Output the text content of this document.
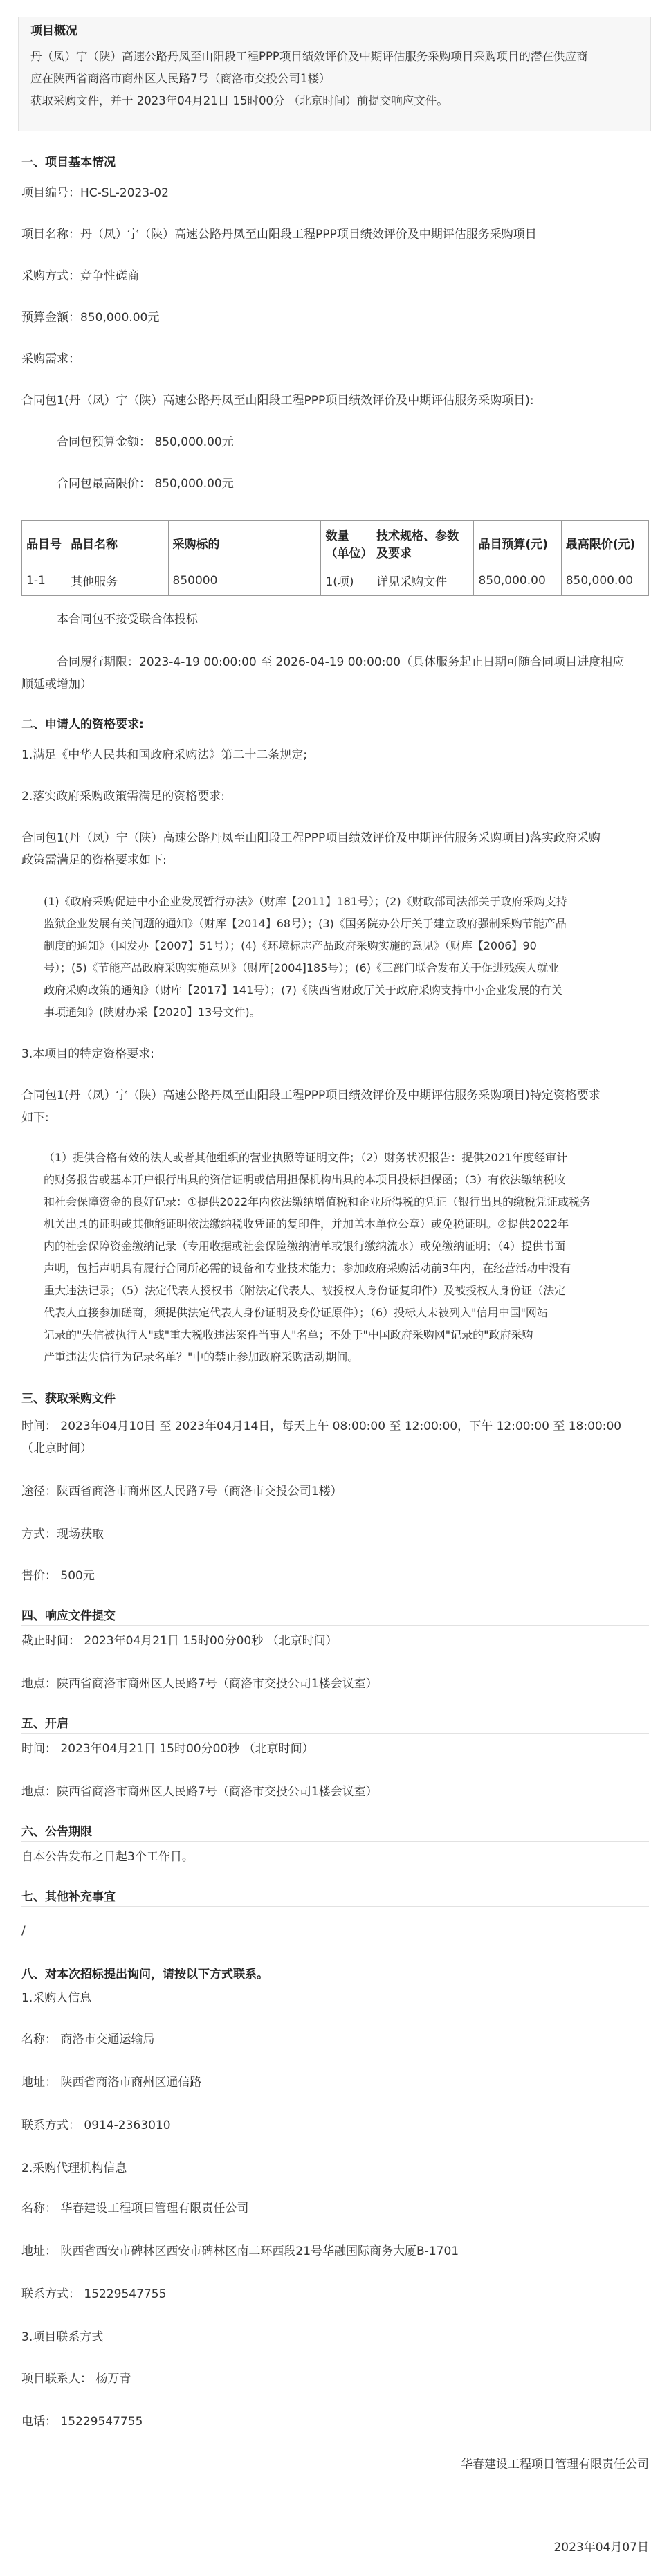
项目概况
丹（凤）宁（陕）高速公路丹凤至山阳段工程PPP项目绩效评价及中期评估服务采购项目采购项目的潜在供应商
应在陕西省商洛市商州区人民路7号（商洛市交投公司1楼）
获取采购文件，并于 2023年04月21日 15时00分 （北京时间）前提交响应文件。
一、项目基本情况
项目编号：HC-SL-2023-02
项目名称：丹（凤）宁（陕）高速公路丹凤至山阳段工程PPP项目绩效评价及中期评估服务采购项目
采购方式：竞争性磋商
预算金额：850,000.00元
采购需求：
合同包1(丹（凤）宁（陕）高速公路丹凤至山阳段工程PPP项目绩效评价及中期评估服务采购项目):
合同包预算金额： 850,000.00元
合同包最高限价： 850,000.00元
品目号	品目名称	采购标的	数量（单位）	技术规格、参数及要求	品目预算(元)	最高限价(元)
1-1	其他服务	850000	1(项)	详见采购文件	850,000.00	850,000.00
本合同包不接受联合体投标
合同履行期限：2023-4-19 00:00:00 至 2026-04-19 00:00:00（具体服务起止日期可随合同项目进度相应
顺延或增加）
二、申请人的资格要求:
1.满足《中华人民共和国政府采购法》第二十二条规定;
2.落实政府采购政策需满足的资格要求:
合同包1(丹（凤）宁（陕）高速公路丹凤至山阳段工程PPP项目绩效评价及中期评估服务采购项目)落实政府采购
政策需满足的资格要求如下:
(1)《政府采购促进中小企业发展暂行办法》（财库【2011】181号）；(2)《财政部司法部关于政府采购支持
监狱企业发展有关问题的通知》（财库【2014】68号）；(3)《国务院办公厅关于建立政府强制采购节能产品
制度的通知》（国发办【2007】51号）；(4)《环境标志产品政府采购实施的意见》（财库【2006】90
号）；(5)《节能产品政府采购实施意见》（财库[2004]185号）；(6)《三部门联合发布关于促进残疾人就业
政府采购政策的通知》（财库【2017】141号）；(7)《陕西省财政厅关于政府采购支持中小企业发展的有关
事项通知》(陕财办采【2020】13号文件)。
3.本项目的特定资格要求:
合同包1(丹（凤）宁（陕）高速公路丹凤至山阳段工程PPP项目绩效评价及中期评估服务采购项目)特定资格要求
如下:
（1）提供合格有效的法人或者其他组织的营业执照等证明文件；（2）财务状况报告：提供2021年度经审计
的财务报告或基本开户银行出具的资信证明或信用担保机构出具的本项目投标担保函；（3）有依法缴纳税收
和社会保障资金的良好记录：①提供2022年内依法缴纳增值税和企业所得税的凭证（银行出具的缴税凭证或税务
机关出具的证明或其他能证明依法缴纳税收凭证的复印件，并加盖本单位公章）或免税证明。②提供2022年
内的社会保障资金缴纳记录（专用收据或社会保险缴纳清单或银行缴纳流水）或免缴纳证明；（4）提供书面
声明，包括声明具有履行合同所必需的设备和专业技术能力；参加政府采购活动前3年内，在经营活动中没有
重大违法记录；（5）法定代表人授权书（附法定代表人、被授权人身份证复印件）及被授权人身份证（法定
代表人直接参加磋商，须提供法定代表人身份证明及身份证原件）；（6）投标人未被列入"信用中国"网站
记录的"失信被执行人"或"重大税收违法案件当事人"名单；不处于"中国政府采购网"记录的"政府采购
严重违法失信行为记录名单？"中的禁止参加政府采购活动期间。
三、获取采购文件
时间： 2023年04月10日 至 2023年04月14日，每天上午 08:00:00 至 12:00:00，下午 12:00:00 至 18:00:00
（北京时间）
途径：陕西省商洛市商州区人民路7号（商洛市交投公司1楼）
方式：现场获取
售价： 500元
四、响应文件提交
截止时间： 2023年04月21日 15时00分00秒 （北京时间）
地点：陕西省商洛市商州区人民路7号（商洛市交投公司1楼会议室）
五、开启
时间： 2023年04月21日 15时00分00秒 （北京时间）
地点：陕西省商洛市商州区人民路7号（商洛市交投公司1楼会议室）
六、公告期限
自本公告发布之日起3个工作日。
七、其他补充事宜
/
八、对本次招标提出询问，请按以下方式联系。
1.采购人信息
名称： 商洛市交通运输局
地址： 陕西省商洛市商州区通信路
联系方式： 0914-2363010
2.采购代理机构信息
名称： 华春建设工程项目管理有限责任公司
地址： 陕西省西安市碑林区西安市碑林区南二环西段21号华融国际商务大厦B-1701
联系方式： 15229547755
3.项目联系方式
项目联系人： 杨万青
电话： 15229547755
华春建设工程项目管理有限责任公司
2023年04月07日
